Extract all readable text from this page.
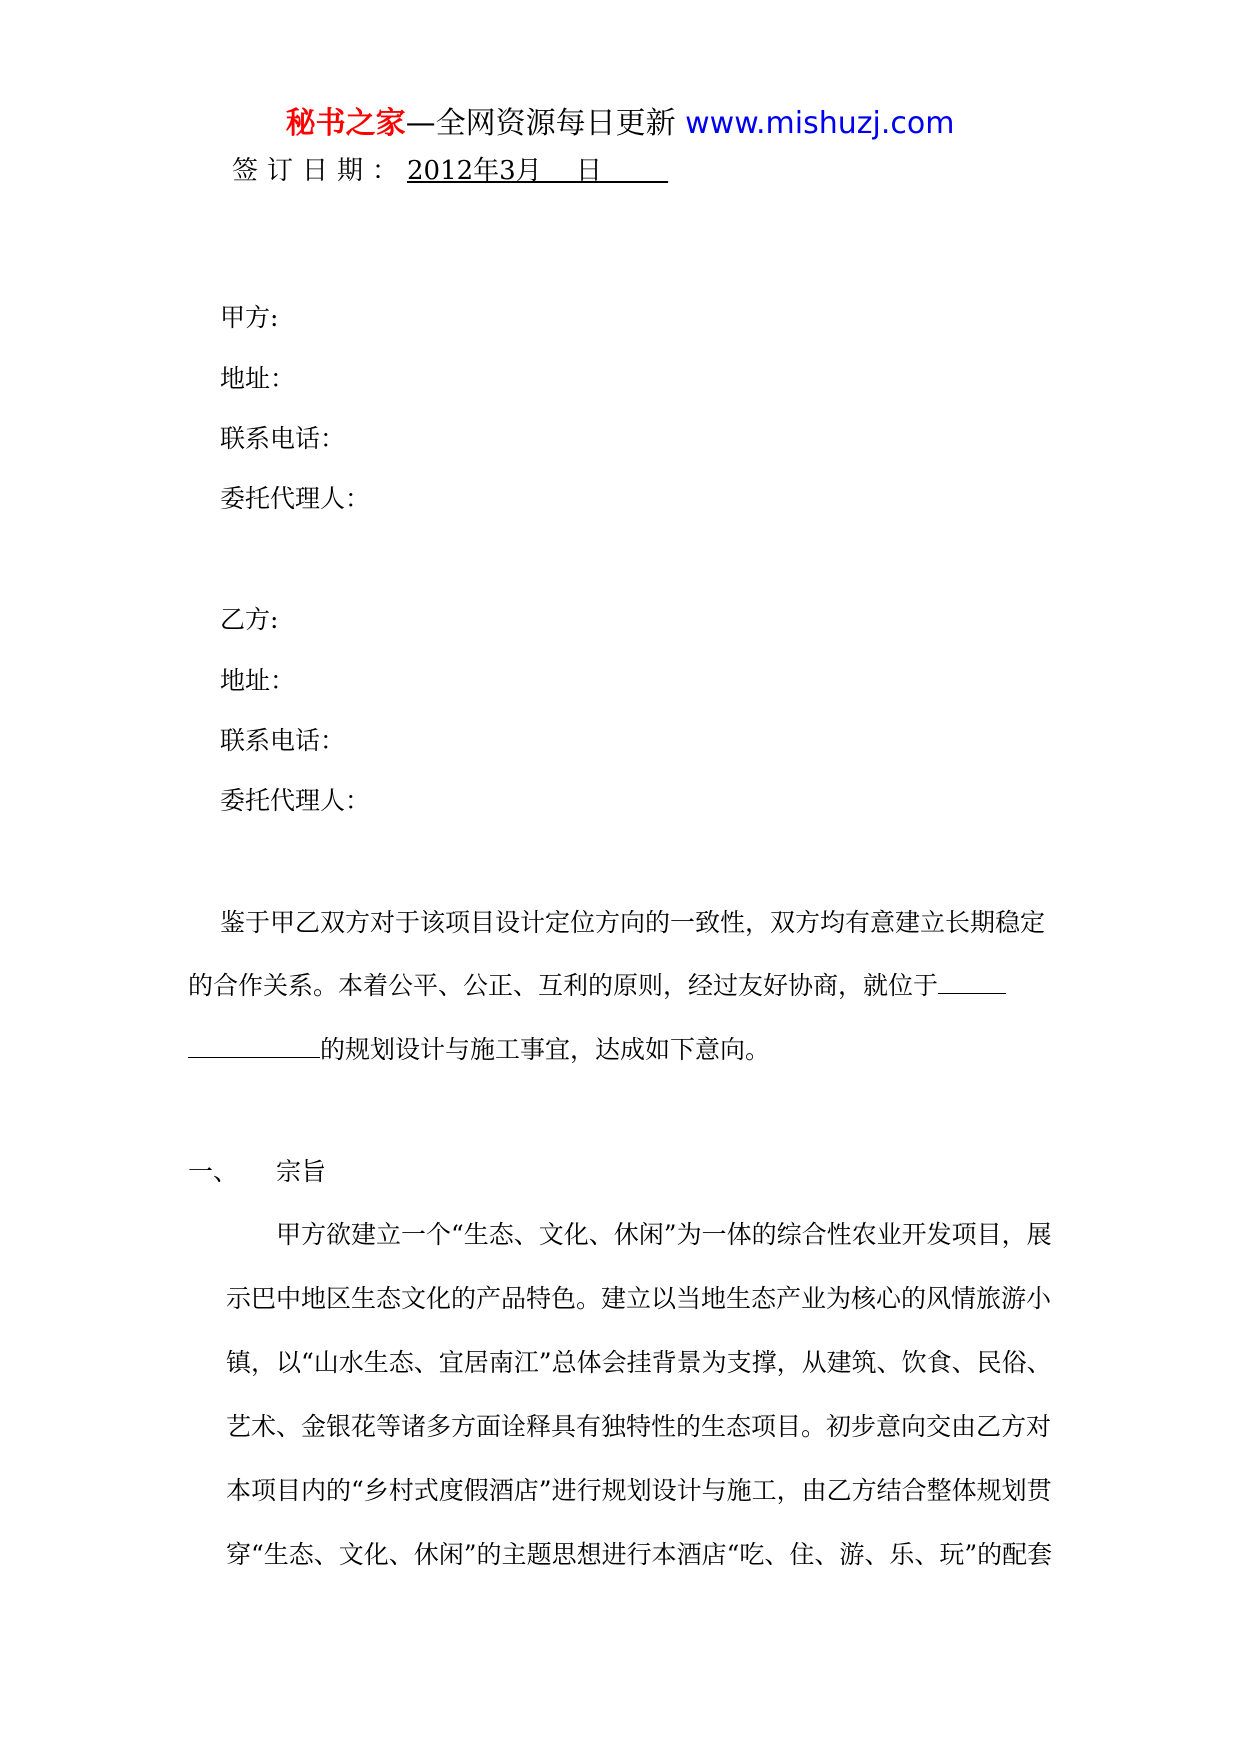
秘书之家—全网资源每日更新 www.mishuzj.com
签订日期：2012年3月　 日
甲方:
地址：
联系电话：
委托代理人：
乙方:
地址：
联系电话：
委托代理人：
鉴于甲乙双方对于该项目设计定位方向的一致性，双方均有意建立长期稳定
的合作关系。本着公平、公正、互利的原则，经过友好协商，就位于
的规划设计与施工事宜，达成如下意向。
一、 宗旨
甲方欲建立一个“生态、文化、休闲”为一体的综合性农业开发项目，展
示巴中地区生态文化的产品特色。建立以当地生态产业为核心的风情旅游小
镇，以“山水生态、宜居南江”总体会挂背景为支撑，从建筑、饮食、民俗、
艺术、金银花等诸多方面诠释具有独特性的生态项目。初步意向交由乙方对
本项目内的“乡村式度假酒店”进行规划设计与施工，由乙方结合整体规划贯
穿“生态、文化、休闲”的主题思想进行本酒店“吃、住、游、乐、玩”的配套
